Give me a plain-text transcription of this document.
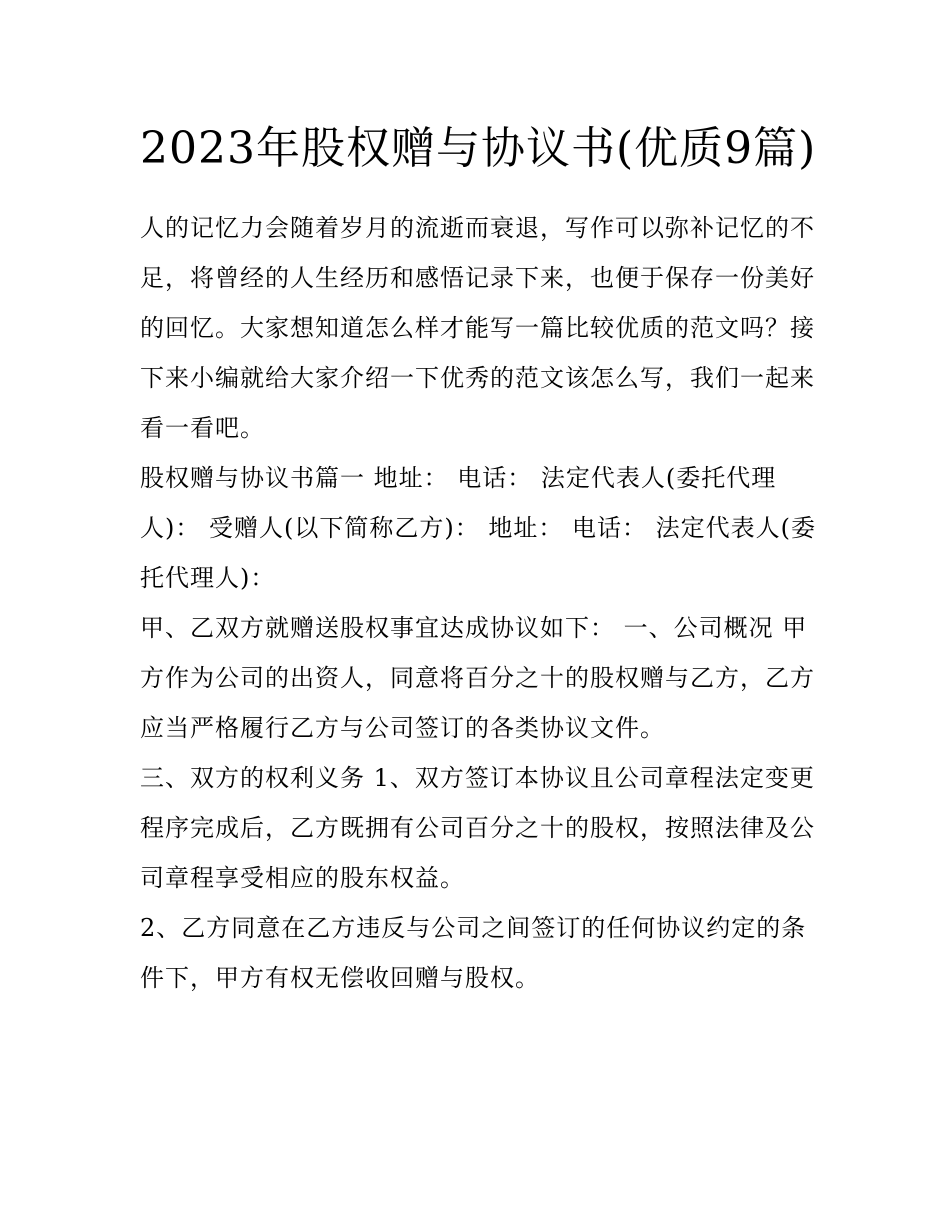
2023年股权赠与协议书(优质9篇)

人的记忆力会随着岁月的流逝而衰退，写作可以弥补记忆的不足，将曾经的人生经历和感悟记录下来，也便于保存一份美好的回忆。大家想知道怎么样才能写一篇比较优质的范文吗？接下来小编就给大家介绍一下优秀的范文该怎么写，我们一起来看一看吧。

股权赠与协议书篇一 地址： 电话： 法定代表人(委托代理人)： 受赠人(以下简称乙方)： 地址： 电话： 法定代表人(委托代理人)：

甲、乙双方就赠送股权事宜达成协议如下： 一、公司概况 甲方作为公司的出资人，同意将百分之十的股权赠与乙方，乙方应当严格履行乙方与公司签订的各类协议文件。

三、双方的权利义务 1、双方签订本协议且公司章程法定变更程序完成后，乙方既拥有公司百分之十的股权，按照法律及公司章程享受相应的股东权益。

2、乙方同意在乙方违反与公司之间签订的任何协议约定的条件下，甲方有权无偿收回赠与股权。
